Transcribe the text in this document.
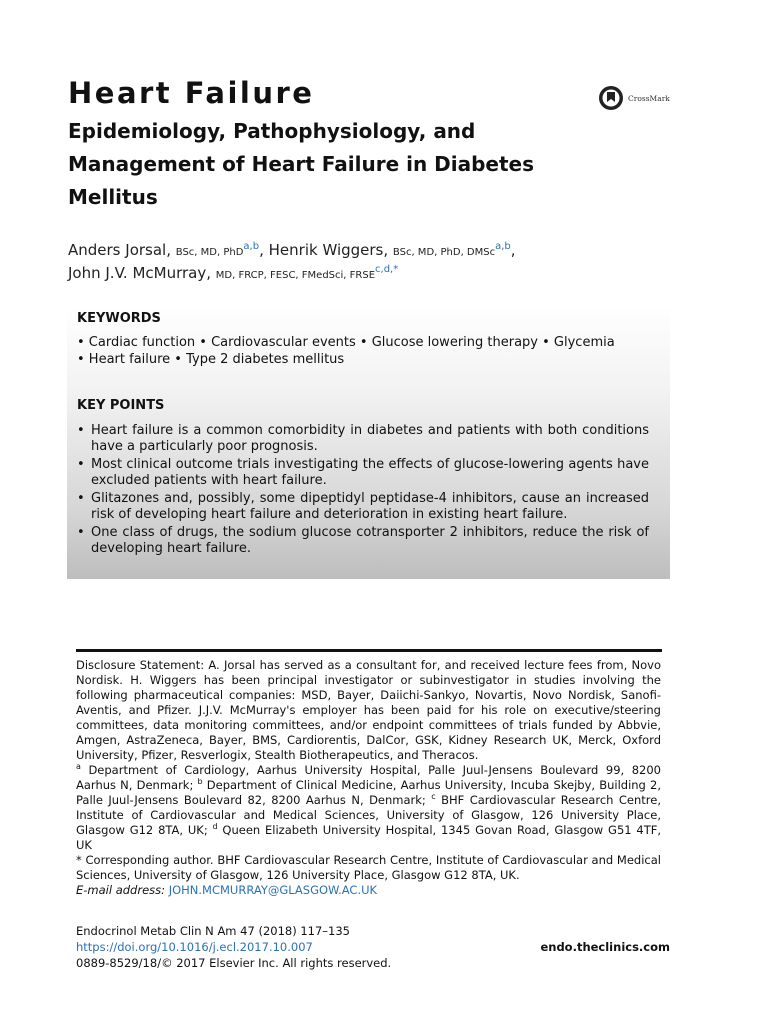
Heart Failure	CrossMark
Epidemiology, Pathophysiology, and Management of Heart Failure in Diabetes Mellitus
Anders Jorsal, BSc, MD, PhD$^{a,b}$, Henrik Wiggers, BSc, MD, PhD, DMSc$^{a,b}$,
John J.V. McMurray, MD, FRCP, FESC, FMedSci, $FRSE^{c,d,*}$
KEYWORDS
• Cardiac function • Cardiovascular events • Glucose lowering therapy • Glycemia
• Heart failure • Type 2 diabetes mellitus
KEY POINTS
• Heart failure is a common comorbidity in diabetes and patients with both conditions have a particularly poor prognosis.
• Most clinical outcome trials investigating the effects of glucose-lowering agents have excluded patients with heart failure.
• Glitazones and, possibly, some dipeptidyl peptidase-4 inhibitors, cause an increased risk of developing heart failure and deterioration in existing heart failure.
• One class of drugs, the sodium glucose cotransporter 2 inhibitors, reduce the risk of developing heart failure.

Disclosure Statement: A. Jorsal has served as a consultant for, and received lecture fees from, Novo Nordisk. H. Wiggers has been principal investigator or subinvestigator in studies involving the following pharmaceutical companies: MSD, Bayer, Daiichi-Sankyo, Novartis, Novo Nordisk, Sanofi-Aventis, and Pfizer. J.J.V. McMurray's employer has been paid for his role on executive/steering committees, data monitoring committees, and/or endpoint committees of trials funded by Abbvie, Amgen, AstraZeneca, Bayer, BMS, Cardiorentis, DalCor, GSK, Kidney Research UK, Merck, Oxford University, Pfizer, Resverlogix, Stealth Biotherapeutics, and Theracos.

$^a$ Department of Cardiology, Aarhus University Hospital, Palle Juul-Jensens Boulevard 99, 8200 Aarhus N, Denmark; $^b$ Department of Clinical Medicine, Aarhus University, Incuba Skejby, Building 2, Palle Juul-Jensens Boulevard 82, 8200 Aarhus N, Denmark; $^c$ BHF Cardiovascular Research Centre, Institute of Cardiovascular and Medical Sciences, University of Glasgow, 126 University Place, Glasgow G12 8TA, UK; $^d$ Queen Elizabeth University Hospital, 1345 Govan Road, Glasgow G51 4TF, UK

* Corresponding author. BHF Cardiovascular Research Centre, Institute of Cardiovascular and Medical Sciences, University of Glasgow, 126 University Place, Glasgow G12 8TA, UK.

E-mail address: JOHN.MCMURRAY@GLASGOW.AC.UK

Endocrinol Metab Clin N Am 47 (2018) 117–135
https://doi.org/10.1016/j.ecl.2017.10.007
0889-8529/18/© 2017 Elsevier Inc. All rights reserved.
endo.theclinics.com
